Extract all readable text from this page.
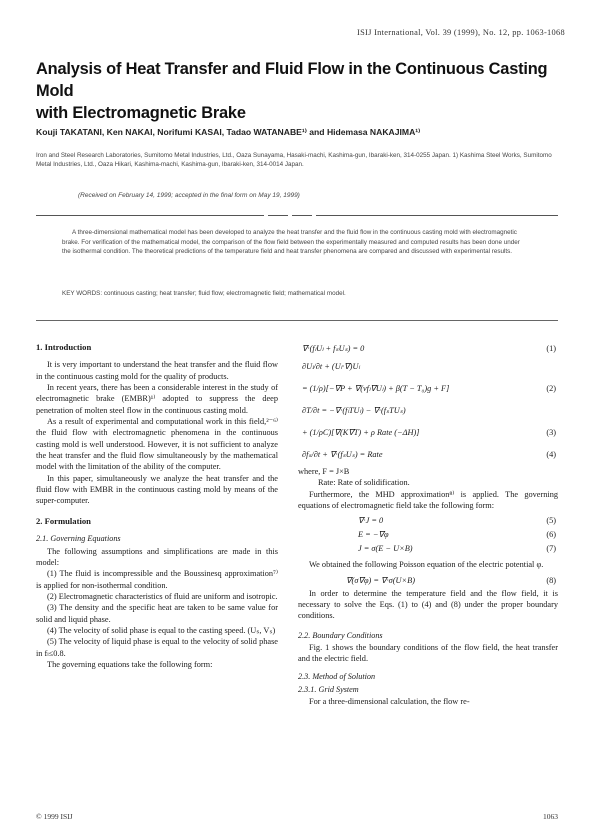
ISIJ International, Vol. 39 (1999), No. 12, pp. 1063-1068
Analysis of Heat Transfer and Fluid Flow in the Continuous Casting Mold
with Electromagnetic Brake
Kouji TAKATANI, Ken NAKAI, Norifumi KASAI, Tadao WATANABE¹⁾ and Hidemasa NAKAJIMA¹⁾
Iron and Steel Research Laboratories, Sumitomo Metal Industries, Ltd., Oaza Sunayama, Hasaki-machi, Kashima-gun, Ibaraki-ken, 314-0255 Japan. 1) Kashima Steel Works, Sumitomo Metal Industries, Ltd., Oaza Hikari, Kashima-machi, Kashima-gun, Ibaraki-ken, 314-0014 Japan.
(Received on February 14, 1999; accepted in the final form on May 19, 1999)
A three-dimensional mathematical model has been developed to analyze the heat transfer and the fluid flow in the continuous casting mold with electromagnetic brake. For verification of the mathematical model, the comparison of the flow field between the experimentally measured and computed results has been done under the isothermal condition. The theoretical predictions of the temperature field and heat transfer phenomena are compared and discussed with experimental results.
KEY WORDS: continuous casting; heat transfer; fluid flow; electromagnetic field; mathematical model.
1. Introduction

It is very important to understand the heat transfer and the fluid flow in the continuous casting mold for the quality of products.

In recent years, there has been a considerable interest in the study of electromagnetic brake (EMBR)¹⁾ adopted to suppress the deep penetration of molten steel flow in the continuous casting mold.

As a result of experimental and computational work in this field,²⁻⁶⁾ the fluid flow with electromagnetic phenomena in the continuous casting mold is well understood. However, it is not sufficient to analyze the heat transfer and the fluid flow simultaneously by the mathematical model with the limitation of the ability of the computer.

In this paper, simultaneously we analyze the heat transfer and the fluid flow with EMBR in the continuous casting mold by means of the super-computer.

2. Formulation
2.1. Governing Equations

The following assumptions and simplifications are made in this model:

(1) The fluid is incompressible and the Boussinesq approximation⁷⁾ is applied for non-isothermal condition.

(2) Electromagnetic characteristics of fluid are uniform and isotropic.

(3) The density and the specific heat are taken to be same value for solid and liquid phase.

(4) The velocity of solid phase is equal to the casting speed. (Uₛ, Vₛ)

(5) The velocity of liquid phase is equal to the velocity of solid phase in fₗ≤0.8.

The governing equations take the following form:

∇·(fₗUₗ + fₛUₛ) = 0	(1)
∂Uₗ/∂t + (Uₗ·∇)Uₗ
= (1/ρ)[−∇P + ∇(νfₗ∇Uₗ) + β(T − T₀)g + F]	(2)
∂T/∂t = −∇·(fₗTUₗ) − ∇·(fₛTUₛ)
+ (1/ρC)[∇(K∇T) + ρ Rate (−ΔH)]	(3)
∂fₛ/∂t + ∇·(fₛUₛ) = Rate	(4)

where, F = J×B

Rate: Rate of solidification.

Furthermore, the MHD approximation⁸⁾ is applied. The governing equations of electromagnetic field take the following form:

∇·J = 0	(5)
E = −∇φ	(6)
J = σ(E − U×B)	(7)

We obtained the following Poisson equation of the electric potential φ.

∇(σ∇φ) = ∇·σ(U×B)	(8)

In order to determine the temperature field and the flow field, it is necessary to solve the Eqs. (1) to (4) and (8) under the proper boundary conditions.

2.2. Boundary Conditions

Fig. 1 shows the boundary conditions of the flow field, the heat transfer and the electric field.

2.3. Method of Solution
2.3.1. Grid System

For a three-dimensional calculation, the flow re-

© 1999 ISIJ	1063
